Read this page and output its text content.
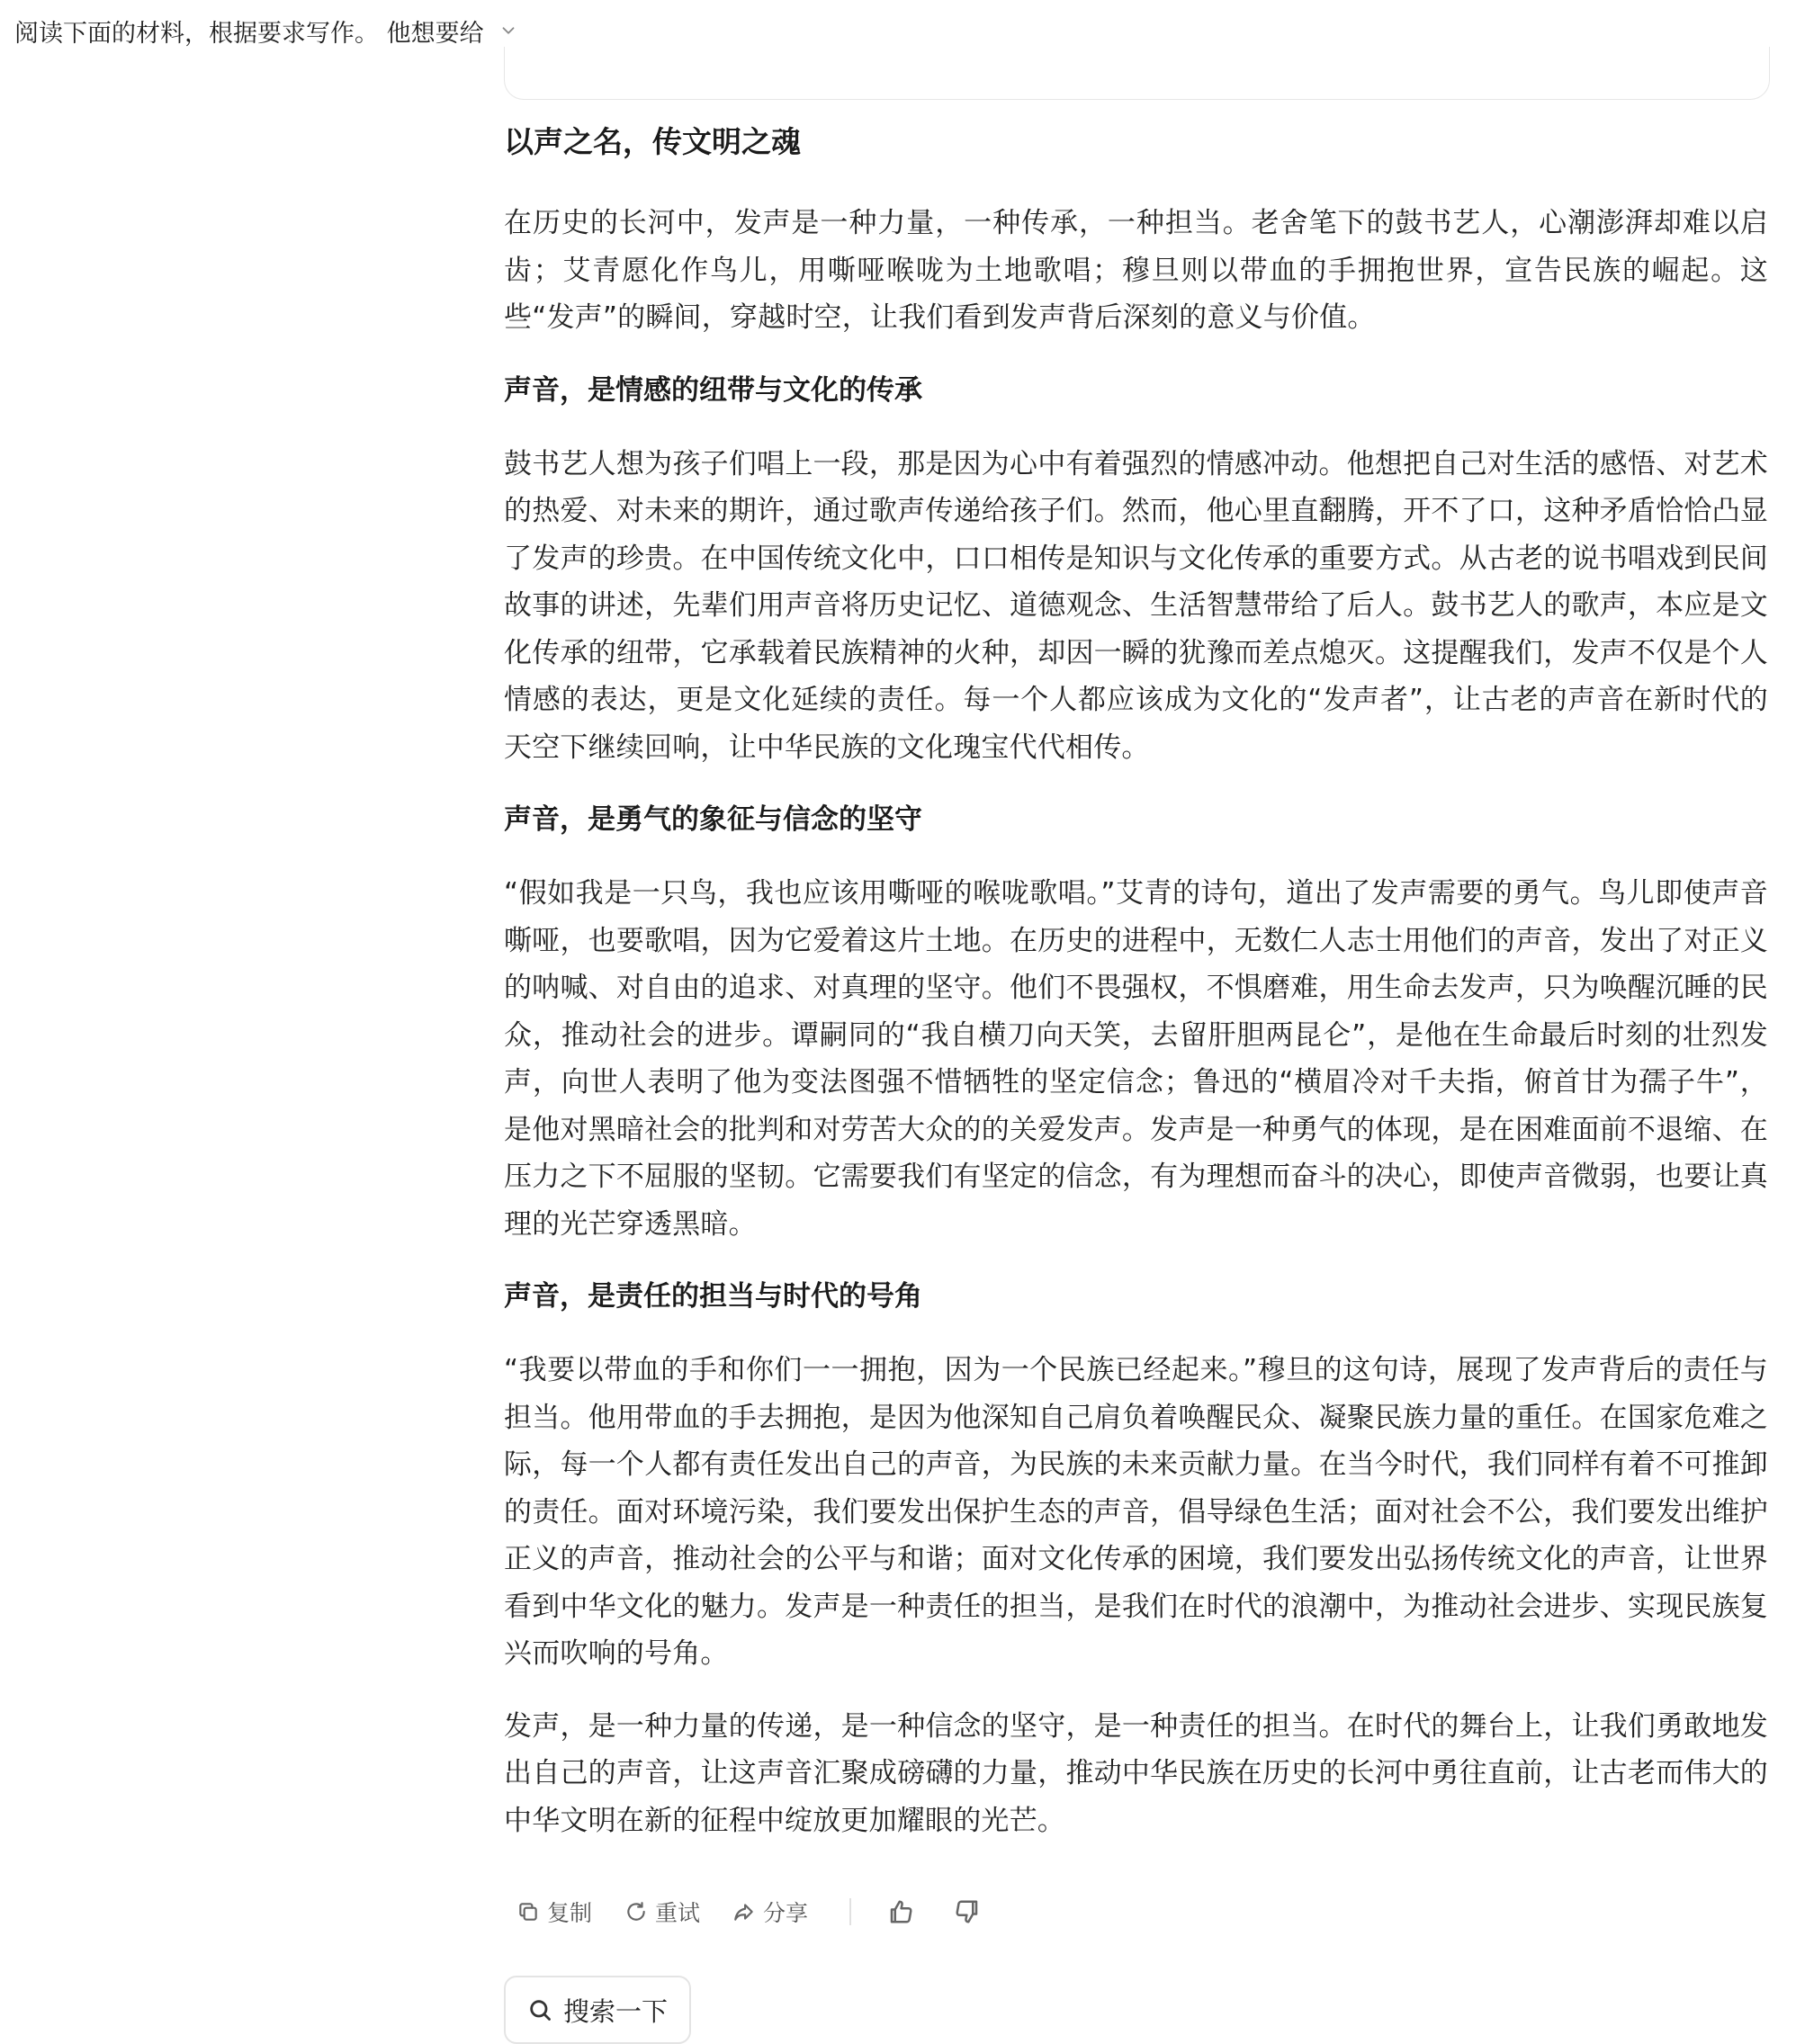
阅读下面的材料，根据要求写作。 他想要给
以声之名，传文明之魂

在历史的长河中，发声是一种力量，一种传承，一种担当。老舍笔下的鼓书艺人，心潮澎湃却难以启齿；艾青愿化作鸟儿，用嘶哑喉咙为土地歌唱；穆旦则以带血的手拥抱世界，宣告民族的崛起。这些“发声”的瞬间，穿越时空，让我们看到发声背后深刻的意义与价值。

声音，是情感的纽带与文化的传承

鼓书艺人想为孩子们唱上一段，那是因为心中有着强烈的情感冲动。他想把自己对生活的感悟、对艺术的热爱、对未来的期许，通过歌声传递给孩子们。然而，他心里直翻腾，开不了口，这种矛盾恰恰凸显了发声的珍贵。在中国传统文化中，口口相传是知识与文化传承的重要方式。从古老的说书唱戏到民间故事的讲述，先辈们用声音将历史记忆、道德观念、生活智慧带给了后人。鼓书艺人的歌声，本应是文化传承的纽带，它承载着民族精神的火种，却因一瞬的犹豫而差点熄灭。这提醒我们，发声不仅是个人情感的表达，更是文化延续的责任。每一个人都应该成为文化的“发声者”，让古老的声音在新时代的天空下继续回响，让中华民族的文化瑰宝代代相传。

声音，是勇气的象征与信念的坚守

“假如我是一只鸟，我也应该用嘶哑的喉咙歌唱。”艾青的诗句，道出了发声需要的勇气。鸟儿即使声音嘶哑，也要歌唱，因为它爱着这片土地。在历史的进程中，无数仁人志士用他们的声音，发出了对正义的呐喊、对自由的追求、对真理的坚守。他们不畏强权，不惧磨难，用生命去发声，只为唤醒沉睡的民众，推动社会的进步。谭嗣同的“我自横刀向天笑，去留肝胆两昆仑”，是他在生命最后时刻的壮烈发声，向世人表明了他为变法图强不惜牺牲的坚定信念；鲁迅的“横眉冷对千夫指，俯首甘为孺子牛”，是他对黑暗社会的批判和对劳苦大众的的关爱发声。发声是一种勇气的体现，是在困难面前不退缩、在压力之下不屈服的坚韧。它需要我们有坚定的信念，有为理想而奋斗的决心，即使声音微弱，也要让真理的光芒穿透黑暗。

声音，是责任的担当与时代的号角

“我要以带血的手和你们一一拥抱，因为一个民族已经起来。”穆旦的这句诗，展现了发声背后的责任与担当。他用带血的手去拥抱，是因为他深知自己肩负着唤醒民众、凝聚民族力量的重任。在国家危难之际，每一个人都有责任发出自己的声音，为民族的未来贡献力量。在当今时代，我们同样有着不可推卸的责任。面对环境污染，我们要发出保护生态的声音，倡导绿色生活；面对社会不公，我们要发出维护正义的声音，推动社会的公平与和谐；面对文化传承的困境，我们要发出弘扬传统文化的声音，让世界看到中华文化的魅力。发声是一种责任的担当，是我们在时代的浪潮中，为推动社会进步、实现民族复兴而吹响的号角。

发声，是一种力量的传递，是一种信念的坚守，是一种责任的担当。在时代的舞台上，让我们勇敢地发出自己的声音，让这声音汇聚成磅礴的力量，推动中华民族在历史的长河中勇往直前，让古老而伟大的中华文明在新的征程中绽放更加耀眼的光芒。

复制	重试	分享
搜索一下
